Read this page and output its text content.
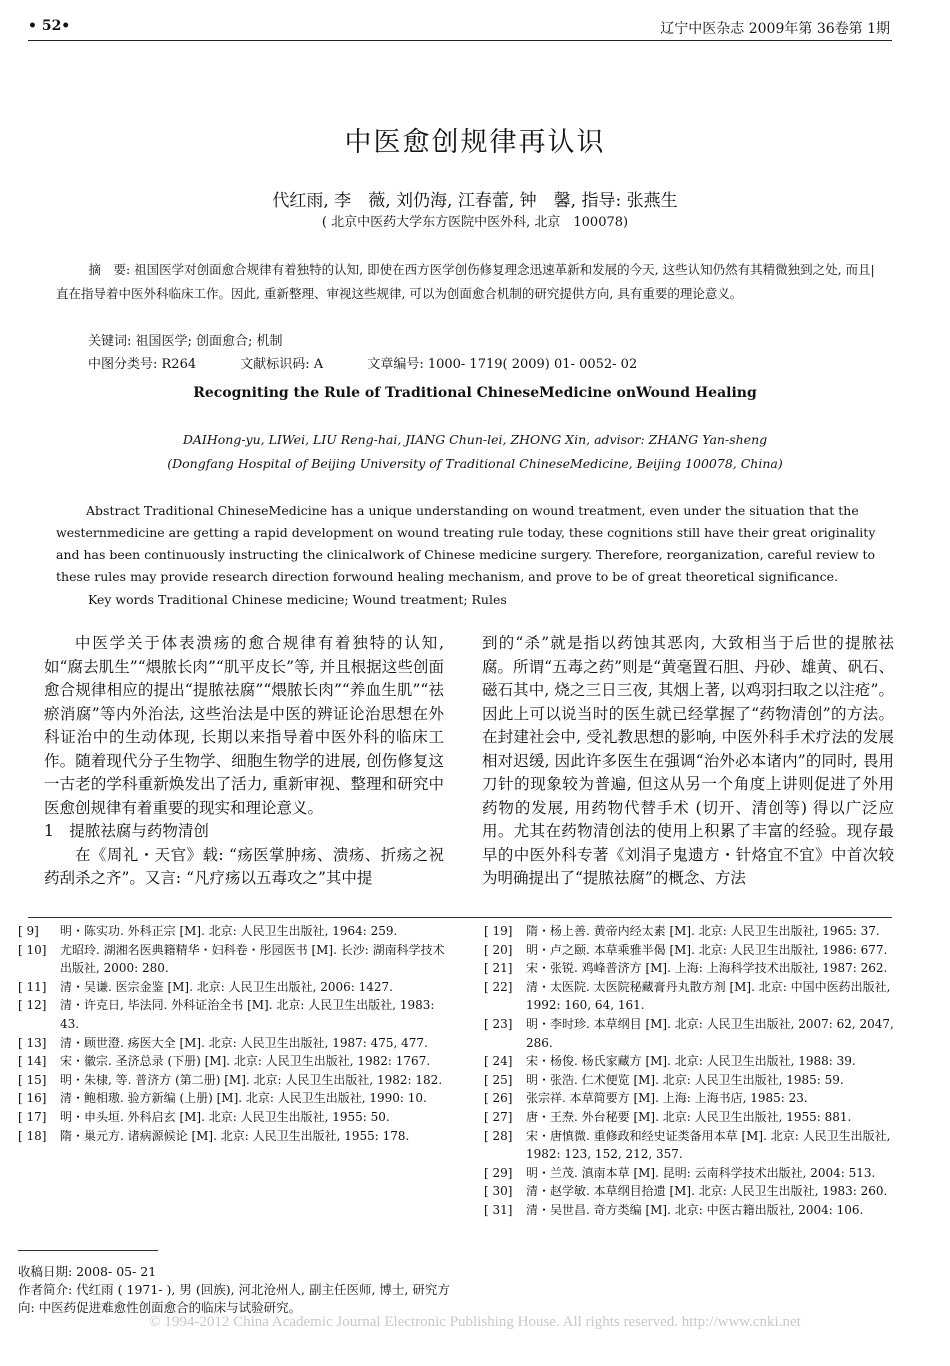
• 52•	辽宁中医杂志 2009年第 36卷第 1期
中医愈创规律再认识
代红雨, 李　薇, 刘仍海, 江春蕾, 钟　馨, 指导: 张燕生
( 北京中医药大学东方医院中医外科, 北京　100078)
摘　要: 祖国医学对创面愈合规律有着独特的认知, 即使在西方医学创伤修复理念迅速革新和发展的今天, 这些认知仍然有其精微独到之处, 而且| 直在指导着中医外科临床工作。因此, 重新整理、审视这些规律, 可以为创面愈合机制的研究提供方向, 具有重要的理论意义。
关键词: 祖国医学; 创面愈合; 机制
中图分类号: R264	文献标识码: A	文章编号: 1000- 1719( 2009) 01- 0052- 02
Recogniting the Rule of Traditional ChineseMedicine onWound Healing
DAIHong-yu, LIWei, LIU Reng-hai, JIANG Chun-lei, ZHONG Xin, advisor: ZHANG Yan-sheng
(Dongfang Hospital of Beijing University of Traditional ChineseMedicine, Beijing 100078, China)
Abstract Traditional ChineseMedicine has a unique understanding on wound treatment, even under the situation that the westernmedicine are getting a rapid development on wound treating rule today, these cognitions still have their great originality and has been continuously instructing the clinicalwork of Chinese medicine surgery. Therefore, reorganization, careful review to these rules may provide research direction forwound healing mechanism, and prove to be of great theoretical significance.
Key words Traditional Chinese medicine; Wound treatment; Rules

中医学关于体表溃疡的愈合规律有着独特的认知, 如“腐去肌生”“煨脓长肉”“肌平皮长”等, 并且根据这些创面愈合规律相应的提出“提脓祛腐”“煨脓长肉”“养血生肌”“祛瘀消腐”等内外治法, 这些治法是中医的辨证论治思想在外科证治中的生动体现, 长期以来指导着中医外科的临床工作。随着现代分子生物学、细胞生物学的进展, 创伤修复这一古老的学科重新焕发出了活力, 重新审视、整理和研究中医愈创规律有着重要的现实和理论意义。

1　提脓祛腐与药物清创

在《周礼・天官》载: “疡医掌肿疡、溃疡、折疡之祝药刮杀之齐”。又言: “凡疗疡以五毒攻之”其中提

到的“杀”就是指以药蚀其恶肉, 大致相当于后世的提脓祛腐。所谓“五毒之药”则是“黄毫置石胆、丹砂、雄黄、矾石、磁石其中, 烧之三日三夜, 其烟上著, 以鸡羽扫取之以注疮”。因此上可以说当时的医生就已经掌握了“药物清创”的方法。在封建社会中, 受礼教思想的影响, 中医外科手术疗法的发展相对迟缓, 因此许多医生在强调“治外必本诸内”的同时, 畏用刀针的现象较为普遍, 但这从另一个角度上讲则促进了外用药物的发展, 用药物代替手术 (切开、清创等) 得以广泛应用。尤其在药物清创法的使用上积累了丰富的经验。现存最早的中医外科专著《刘涓子鬼遗方・针烙宜不宜》中首次较为明确提出了“提脓祛腐”的概念、方法

[ 9]	明・陈实功. 外科正宗 [M]. 北京: 人民卫生出版社, 1964: 259.
[ 10]	尤昭玲. 湖湘名医典籍精华・妇科卷・彤园医书 [M]. 长沙: 湖南科学技术出版社, 2000: 280.
[ 11]	清・吴谦. 医宗金鉴 [M]. 北京: 人民卫生出版社, 2006: 1427.
[ 12]	清・许克日, 毕法同. 外科证治全书 [M]. 北京: 人民卫生出版社, 1983: 43.
[ 13]	清・顾世澄. 疡医大全 [M]. 北京: 人民卫生出版社, 1987: 475, 477.
[ 14]	宋・徽宗. 圣济总录 (下册) [M]. 北京: 人民卫生出版社, 1982: 1767.
[ 15]	明・朱棣, 等. 普济方 (第二册) [M]. 北京: 人民卫生出版社, 1982: 182.
[ 16]	清・鲍相璈. 验方新编 (上册) [M]. 北京: 人民卫生出版社, 1990: 10.
[ 17]	明・申头垣. 外科启玄 [M]. 北京: 人民卫生出版社, 1955: 50.
[ 18]	隋・巢元方. 诸病源候论 [M]. 北京: 人民卫生出版社, 1955: 178.
[ 19]	隋・杨上善. 黄帝内经太素 [M]. 北京: 人民卫生出版社, 1965: 37.
[ 20]	明・卢之颐. 本草乘雅半偈 [M]. 北京: 人民卫生出版社, 1986: 677.
[ 21]	宋・张锐. 鸡峰普济方 [M]. 上海: 上海科学技术出版社, 1987: 262.
[ 22]	清・太医院. 太医院秘藏膏丹丸散方剂 [M]. 北京: 中国中医药出版社, 1992: 160, 64, 161.
[ 23]	明・李时珍. 本草纲目 [M]. 北京: 人民卫生出版社, 2007: 62, 2047, 286.
[ 24]	宋・杨俊. 杨氏家藏方 [M]. 北京: 人民卫生出版社, 1988: 39.
[ 25]	明・张浩. 仁术便览 [M]. 北京: 人民卫生出版社, 1985: 59.
[ 26]	张宗祥. 本草简要方 [M]. 上海: 上海书店, 1985: 23.
[ 27]	唐・王焘. 外台秘要 [M]. 北京: 人民卫生出版社, 1955: 881.
[ 28]	宋・唐慎微. 重修政和经史证类备用本草 [M]. 北京: 人民卫生出版社, 1982: 123, 152, 212, 357.
[ 29]	明・兰茂. 滇南本草 [M]. 昆明: 云南科学技术出版社, 2004: 513.
[ 30]	清・赵学敏. 本草纲目拾遗 [M]. 北京: 人民卫生出版社, 1983: 260.
[ 31]	清・吴世昌. 奇方类编 [M]. 北京: 中医古籍出版社, 2004: 106.
收稿日期: 2008- 05- 21
作者简介: 代红雨 ( 1971- ), 男 (回族), 河北沧州人, 副主任医师, 博士, 研究方向: 中医药促进难愈性创面愈合的临床与试验研究。
© 1994-2012 China Academic Journal Electronic Publishing House. All rights reserved. http://www.cnki.net
